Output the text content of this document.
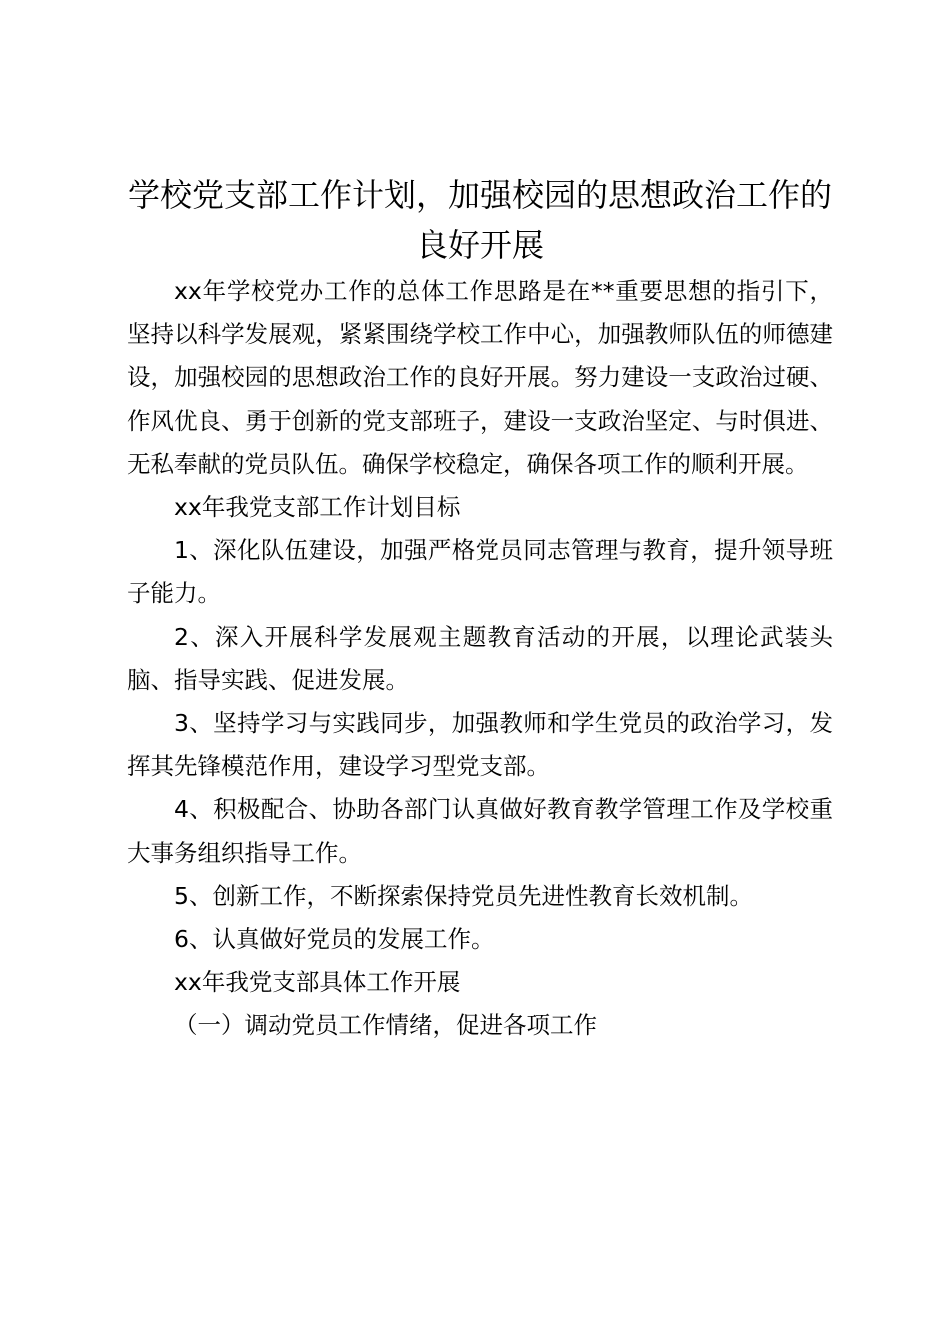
学校党支部工作计划，加强校园的思想政治工作的良好开展

xx年学校党办工作的总体工作思路是在**重要思想的指引下，坚持以科学发展观，紧紧围绕学校工作中心，加强教师队伍的师德建设，加强校园的思想政治工作的良好开展。努力建设一支政治过硬、作风优良、勇于创新的党支部班子，建设一支政治坚定、与时俱进、无私奉献的党员队伍。确保学校稳定，确保各项工作的顺利开展。

xx年我党支部工作计划目标

1、深化队伍建设，加强严格党员同志管理与教育，提升领导班子能力。

2、深入开展科学发展观主题教育活动的开展，以理论武装头脑、指导实践、促进发展。

3、坚持学习与实践同步，加强教师和学生党员的政治学习，发挥其先锋模范作用，建设学习型党支部。

4、积极配合、协助各部门认真做好教育教学管理工作及学校重大事务组织指导工作。

5、创新工作，不断探索保持党员先进性教育长效机制。

6、认真做好党员的发展工作。

xx年我党支部具体工作开展

（一）调动党员工作情绪，促进各项工作
